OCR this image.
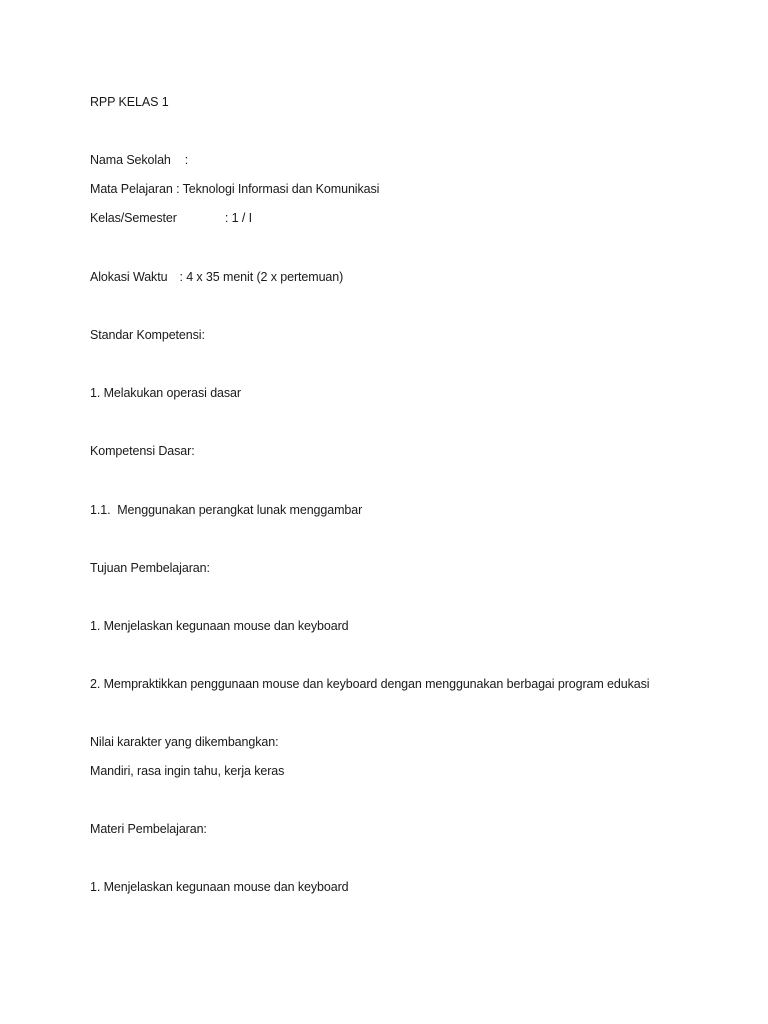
RPP KELAS 1
Nama Sekolah :
Mata Pelajaran : Teknologi Informasi dan Komunikasi
Kelas/Semester	: 1 / I
Alokasi Waktu : 4 x 35 menit (2 x pertemuan)
Standar Kompetensi:
1. Melakukan operasi dasar
Kompetensi Dasar:
1.1.  Menggunakan perangkat lunak menggambar
Tujuan Pembelajaran:
1. Menjelaskan kegunaan mouse dan keyboard
2. Mempraktikkan penggunaan mouse dan keyboard dengan menggunakan berbagai program edukasi
Nilai karakter yang dikembangkan:
Mandiri, rasa ingin tahu, kerja keras
Materi Pembelajaran:
1. Menjelaskan kegunaan mouse dan keyboard
